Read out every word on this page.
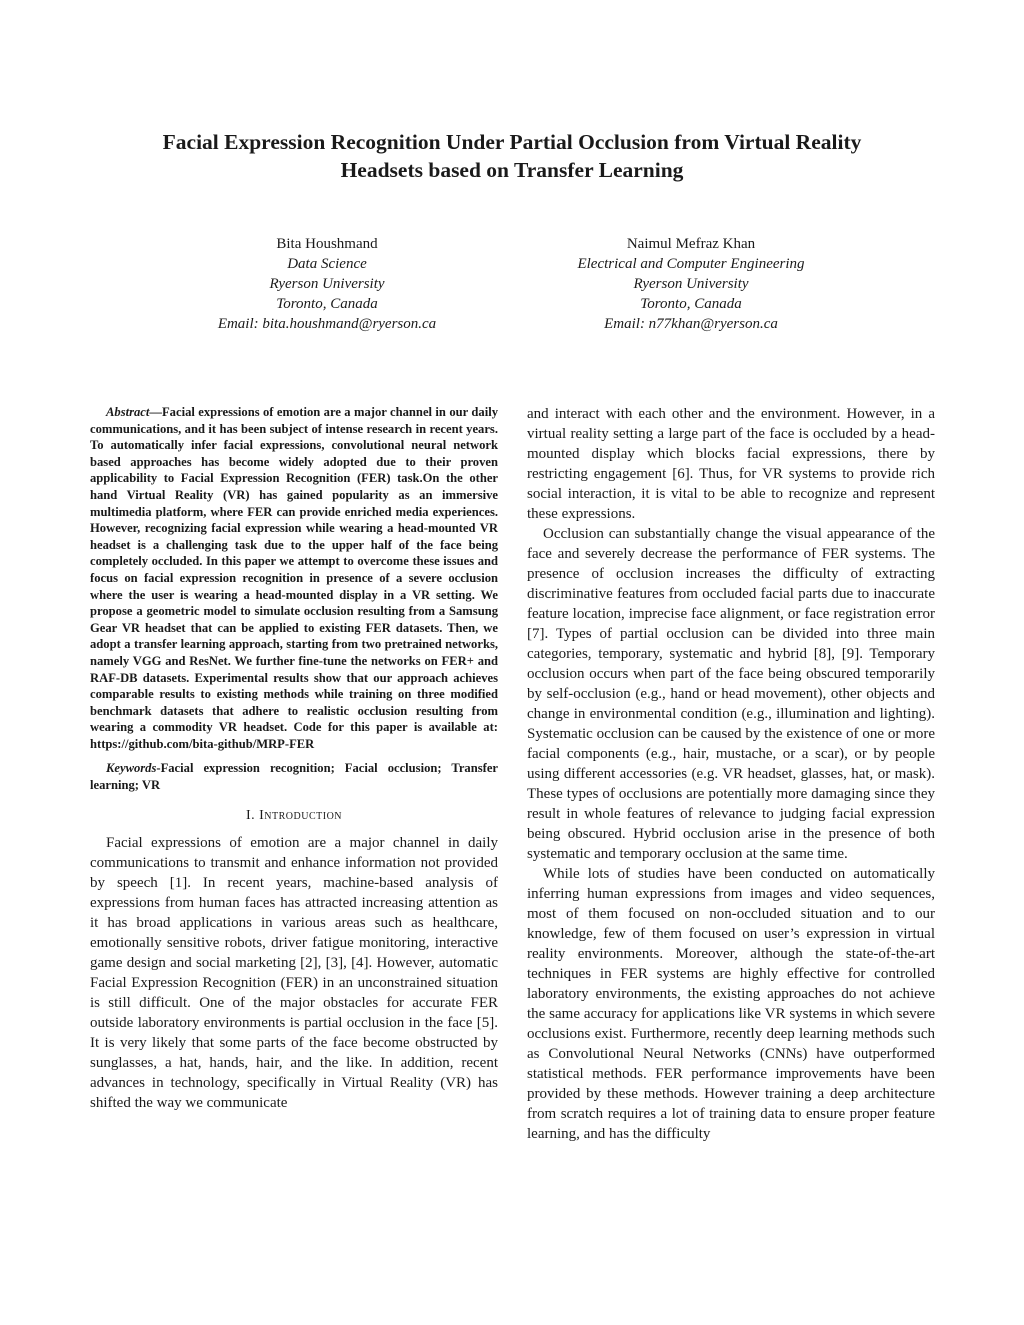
Facial Expression Recognition Under Partial Occlusion from Virtual Reality
Headsets based on Transfer Learning
Bita Houshmand
Data Science
Ryerson University
Toronto, Canada
Email: bita.houshmand@ryerson.ca
Naimul Mefraz Khan
Electrical and Computer Engineering
Ryerson University
Toronto, Canada
Email: n77khan@ryerson.ca

Abstract—Facial expressions of emotion are a major channel in our daily communications, and it has been subject of intense research in recent years. To automatically infer facial expressions, convolutional neural network based approaches has become widely adopted due to their proven applicability to Facial Expression Recognition (FER) task.On the other hand Virtual Reality (VR) has gained popularity as an immersive multimedia platform, where FER can provide enriched media experiences. However, recognizing facial expression while wearing a head-mounted VR headset is a challenging task due to the upper half of the face being completely occluded. In this paper we attempt to overcome these issues and focus on facial expression recognition in presence of a severe occlusion where the user is wearing a head-mounted display in a VR setting. We propose a geometric model to simulate occlusion resulting from a Samsung Gear VR headset that can be applied to existing FER datasets. Then, we adopt a transfer learning approach, starting from two pretrained networks, namely VGG and ResNet. We further fine-tune the networks on FER+ and RAF-DB datasets. Experimental results show that our approach achieves comparable results to existing methods while training on three modified benchmark datasets that adhere to realistic occlusion resulting from wearing a commodity VR headset. Code for this paper is available at: https://github.com/bita-github/MRP-FER

Keywords-Facial expression recognition; Facial occlusion; Transfer learning; VR

I. Introduction

Facial expressions of emotion are a major channel in daily communications to transmit and enhance information not provided by speech [1]. In recent years, machine-based analysis of expressions from human faces has attracted increasing attention as it has broad applications in various areas such as healthcare, emotionally sensitive robots, driver fatigue monitoring, interactive game design and social marketing [2], [3], [4]. However, automatic Facial Expression Recognition (FER) in an unconstrained situation is still difficult. One of the major obstacles for accurate FER outside laboratory environments is partial occlusion in the face [5]. It is very likely that some parts of the face become obstructed by sunglasses, a hat, hands, hair, and the like. In addition, recent advances in technology, specifically in Virtual Reality (VR) has shifted the way we communicate

and interact with each other and the environment. However, in a virtual reality setting a large part of the face is occluded by a head-mounted display which blocks facial expressions, there by restricting engagement [6]. Thus, for VR systems to provide rich social interaction, it is vital to be able to recognize and represent these expressions.

Occlusion can substantially change the visual appearance of the face and severely decrease the performance of FER systems. The presence of occlusion increases the difficulty of extracting discriminative features from occluded facial parts due to inaccurate feature location, imprecise face alignment, or face registration error [7]. Types of partial occlusion can be divided into three main categories, temporary, systematic and hybrid [8], [9]. Temporary occlusion occurs when part of the face being obscured temporarily by self-occlusion (e.g., hand or head movement), other objects and change in environmental condition (e.g., illumination and lighting). Systematic occlusion can be caused by the existence of one or more facial components (e.g., hair, mustache, or a scar), or by people using different accessories (e.g. VR headset, glasses, hat, or mask). These types of occlusions are potentially more damaging since they result in whole features of relevance to judging facial expression being obscured. Hybrid occlusion arise in the presence of both systematic and temporary occlusion at the same time.

While lots of studies have been conducted on automatically inferring human expressions from images and video sequences, most of them focused on non-occluded situation and to our knowledge, few of them focused on user’s expression in virtual reality environments. Moreover, although the state-of-the-art techniques in FER systems are highly effective for controlled laboratory environments, the existing approaches do not achieve the same accuracy for applications like VR systems in which severe occlusions exist. Furthermore, recently deep learning methods such as Convolutional Neural Networks (CNNs) have outperformed statistical methods. FER performance improvements have been provided by these methods. However training a deep architecture from scratch requires a lot of training data to ensure proper feature learning, and has the difficulty
